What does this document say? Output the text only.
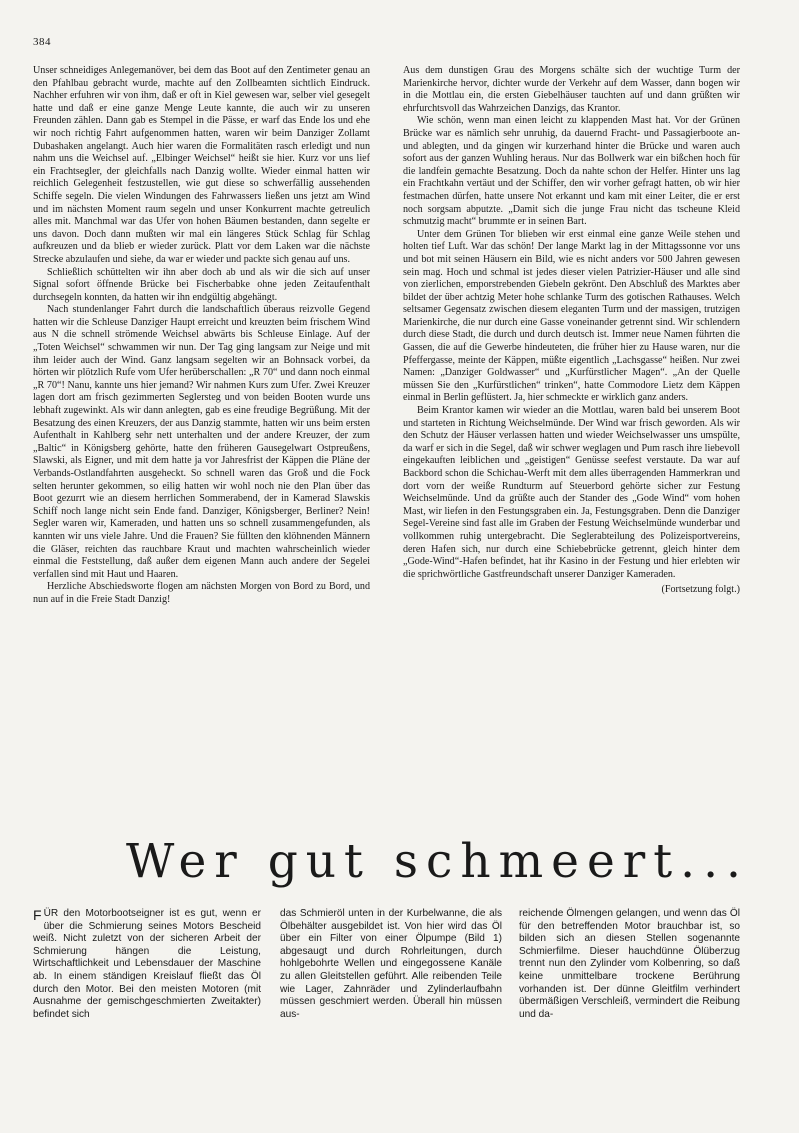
384

Unser schneidiges Anlegemanöver, bei dem das Boot auf den Zentimeter genau an den Pfahlbau gebracht wurde, machte auf den Zollbeamten sichtlich Eindruck. Nachher erfuhren wir von ihm, daß er oft in Kiel gewesen war, selber viel gesegelt hatte und daß er eine ganze Menge Leute kannte, die auch wir zu unseren Freunden zählen. Dann gab es Stempel in die Pässe, er warf das Ende los und ehe wir noch richtig Fahrt aufgenommen hatten, waren wir beim Danziger Zollamt Dubashaken angelangt. Auch hier waren die Formalitäten rasch erledigt und nun nahm uns die Weichsel auf. „Elbinger Weichsel“ heißt sie hier. Kurz vor uns lief ein Frachtsegler, der gleichfalls nach Danzig wollte. Wieder einmal hatten wir reichlich Gelegenheit festzustellen, wie gut diese so schwerfällig aussehenden Schiffe segeln. Die vielen Windungen des Fahrwassers ließen uns jetzt am Wind und im nächsten Moment raum segeln und unser Konkurrent machte getreulich alles mit. Manchmal war das Ufer von hohen Bäumen bestanden, dann segelte er uns davon. Doch dann mußten wir mal ein längeres Stück Schlag für Schlag aufkreuzen und da blieb er wieder zurück. Platt vor dem Laken war die nächste Strecke abzulaufen und siehe, da war er wieder und packte sich genau auf uns.

Schließlich schüttelten wir ihn aber doch ab und als wir die sich auf unser Signal sofort öffnende Brücke bei Fischerbabke ohne jeden Zeitaufenthalt durchsegeln konnten, da hatten wir ihn endgültig abgehängt.

Nach stundenlanger Fahrt durch die landschaftlich überaus reizvolle Gegend hatten wir die Schleuse Danziger Haupt erreicht und kreuzten beim frischem Wind aus N die schnell strömende Weichsel abwärts bis Schleuse Einlage. Auf der „Toten Weichsel“ schwammen wir nun. Der Tag ging langsam zur Neige und mit ihm leider auch der Wind. Ganz langsam segelten wir an Bohnsack vorbei, da hörten wir plötzlich Rufe vom Ufer herüberschallen: „R 70“ und dann noch einmal „R 70“! Nanu, kannte uns hier jemand? Wir nahmen Kurs zum Ufer. Zwei Kreuzer lagen dort am frisch gezimmerten Seglersteg und von beiden Booten wurde uns lebhaft zugewinkt. Als wir dann anlegten, gab es eine freudige Begrüßung. Mit der Besatzung des einen Kreuzers, der aus Danzig stammte, hatten wir uns beim ersten Aufenthalt in Kahlberg sehr nett unterhalten und der andere Kreuzer, der zum „Baltic“ in Königsberg gehörte, hatte den früheren Gausegelwart Ostpreußens, Slawski, als Eigner, und mit dem hatte ja vor Jahresfrist der Käppen die Pläne der Verbands-Ostlandfahrten ausgeheckt. So schnell waren das Groß und die Fock selten herunter gekommen, so eilig hatten wir wohl noch nie den Plan über das Boot gezurrt wie an diesem herrlichen Sommerabend, der in Kamerad Slawskis Schiff noch lange nicht sein Ende fand. Danziger, Königsberger, Berliner? Nein! Segler waren wir, Kameraden, und hatten uns so schnell zusammengefunden, als kannten wir uns viele Jahre. Und die Frauen? Sie füllten den klöhnenden Männern die Gläser, reichten das rauchbare Kraut und machten wahrscheinlich wieder einmal die Feststellung, daß außer dem eigenen Mann auch andere der Segelei verfallen sind mit Haut und Haaren.

Herzliche Abschiedsworte flogen am nächsten Morgen von Bord zu Bord, und nun auf in die Freie Stadt Danzig!

Aus dem dunstigen Grau des Morgens schälte sich der wuchtige Turm der Marienkirche hervor, dichter wurde der Verkehr auf dem Wasser, dann bogen wir in die Mottlau ein, die ersten Giebelhäuser tauchten auf und dann grüßten wir ehrfurchtsvoll das Wahrzeichen Danzigs, das Krantor.

Wie schön, wenn man einen leicht zu klappenden Mast hat. Vor der Grünen Brücke war es nämlich sehr unruhig, da dauernd Fracht- und Passagierboote an- und ablegten, und da gingen wir kurzerhand hinter die Brücke und waren auch sofort aus der ganzen Wuhling heraus. Nur das Bollwerk war ein bißchen hoch für die landfein gemachte Besatzung. Doch da nahte schon der Helfer. Hinter uns lag ein Frachtkahn vertäut und der Schiffer, den wir vorher gefragt hatten, ob wir hier festmachen dürfen, hatte unsere Not erkannt und kam mit einer Leiter, die er erst noch sorgsam abputzte. „Damit sich die junge Frau nicht das tscheune Kleid schmutzig macht“ brummte er in seinen Bart.

Unter dem Grünen Tor blieben wir erst einmal eine ganze Weile stehen und holten tief Luft. War das schön! Der lange Markt lag in der Mittagssonne vor uns und bot mit seinen Häusern ein Bild, wie es nicht anders vor 500 Jahren gewesen sein mag. Hoch und schmal ist jedes dieser vielen Patrizier-Häuser und alle sind von zierlichen, emporstrebenden Giebeln gekrönt. Den Abschluß des Marktes aber bildet der über achtzig Meter hohe schlanke Turm des gotischen Rathauses. Welch seltsamer Gegensatz zwischen diesem eleganten Turm und der massigen, trutzigen Marienkirche, die nur durch eine Gasse voneinander getrennt sind. Wir schlendern durch diese Stadt, die durch und durch deutsch ist. Immer neue Namen führten die Gassen, die auf die Gewerbe hindeuteten, die früher hier zu Hause waren, nur die Pfeffergasse, meinte der Käppen, müßte eigentlich „Lachsgasse“ heißen. Nur zwei Namen: „Danziger Goldwasser“ und „Kurfürstlicher Magen“. „An der Quelle müssen Sie den „Kurfürstlichen“ trinken“, hatte Commodore Lietz dem Käppen einmal in Berlin geflüstert. Ja, hier schmeckte er wirklich ganz anders.

Beim Krantor kamen wir wieder an die Mottlau, waren bald bei unserem Boot und starteten in Richtung Weichselmünde. Der Wind war frisch geworden. Als wir den Schutz der Häuser verlassen hatten und wieder Weichselwasser uns umspülte, da warf er sich in die Segel, daß wir schwer weglagen und Pum rasch ihre liebevoll eingekauften leiblichen und „geistigen“ Genüsse seefest verstaute. Da war auf Backbord schon die Schichau-Werft mit dem alles überragenden Hammerkran und dort vorn der weiße Rundturm auf Steuerbord gehörte sicher zur Festung Weichselmünde. Und da grüßte auch der Stander des „Gode Wind“ vom hohen Mast, wir liefen in den Festungsgraben ein. Ja, Festungsgraben. Denn die Danziger Segel-Vereine sind fast alle im Graben der Festung Weichselmünde wunderbar und vollkommen ruhig untergebracht. Die Seglerabteilung des Polizeisportvereins, deren Hafen sich, nur durch eine Schiebebrücke getrennt, gleich hinter dem „Gode-Wind“-Hafen befindet, hat ihr Kasino in der Festung und hier erlebten wir die sprichwörtliche Gastfreundschaft unserer Danziger Kameraden.

(Fortsetzung folgt.)

Wer gut schmeert...

F ÜR den Motorbootseigner ist es gut, wenn er über die Schmierung seines Motors Bescheid weiß. Nicht zuletzt von der sicheren Arbeit der Schmierung hängen die Leistung, Wirtschaftlichkeit und Lebensdauer der Maschine ab. In einem ständigen Kreislauf fließt das Öl durch den Motor. Bei den meisten Motoren (mit Ausnahme der gemischgeschmierten Zweitakter) befindet sich

das Schmieröl unten in der Kurbelwanne, die als Ölbehälter ausgebildet ist. Von hier wird das Öl über ein Filter von einer Ölpumpe (Bild 1) abgesaugt und durch Rohrleitungen, durch hohlgebohrte Wellen und eingegossene Kanäle zu allen Gleitstellen geführt. Alle reibenden Teile wie Lager, Zahnräder und Zylinderlaufbahn müssen geschmiert werden. Überall hin müssen aus-

reichende Ölmengen gelangen, und wenn das Öl für den betreffenden Motor brauchbar ist, so bilden sich an diesen Stellen sogenannte Schmierfilme. Dieser hauchdünne Ölüberzug trennt nun den Zylinder vom Kolbenring, so daß keine unmittelbare trockene Berührung vorhanden ist. Der dünne Gleitfilm verhindert übermäßigen Verschleiß, vermindert die Reibung und da-
